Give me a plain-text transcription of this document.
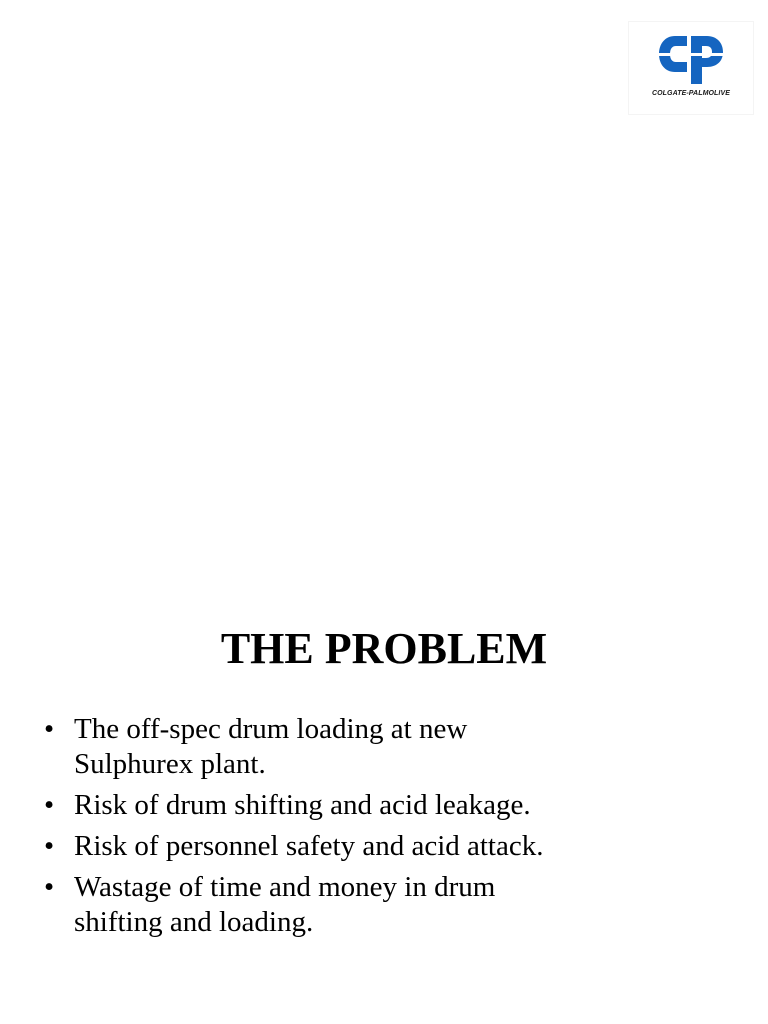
COLGATE-PALMOLIVE
THE PROBLEM
• The off-spec drum loading at new Sulphurex plant.
• Risk of drum shifting and acid leakage.
• Risk of personnel safety and acid attack.
• Wastage of time and money in drum shifting and loading.
